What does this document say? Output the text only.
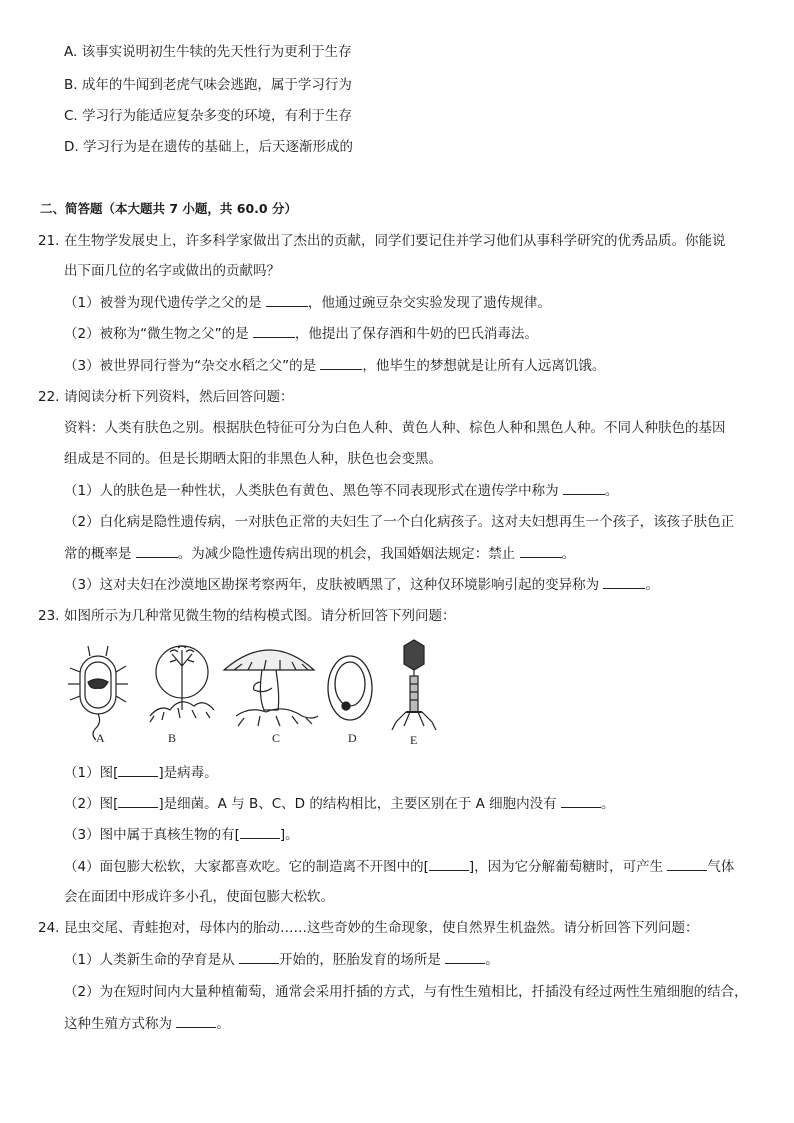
A. 该事实说明初生牛犊的先天性行为更利于生存
B. 成年的牛闻到老虎气味会逃跑，属于学习行为
C. 学习行为能适应复杂多变的环境，有利于生存
D. 学习行为是在遗传的基础上，后天逐渐形成的
二、简答题（本大题共 7 小题，共 60.0 分）
21. 在生物学发展史上，许多科学家做出了杰出的贡献，同学们要记住并学习他们从事科学研究的优秀品质。你能说
出下面几位的名字或做出的贡献吗？
（1）被誉为现代遗传学之父的是	，他通过豌豆杂交实验发现了遗传规律。
（2）被称为“微生物之父”的是	，他提出了保存酒和牛奶的巴氏消毒法。
（3）被世界同行誉为“杂交水稻之父”的是	，他毕生的梦想就是让所有人远离饥饿。
22. 请阅读分析下列资料，然后回答问题：
资料：人类有肤色之别。根据肤色特征可分为白色人种、黄色人种、棕色人种和黑色人种。不同人种肤色的基因
组成是不同的。但是长期晒太阳的非黑色人种，肤色也会变黑。
（1）人的肤色是一种性状，人类肤色有黄色、黑色等不同表现形式在遗传学中称为	。
（2）白化病是隐性遗传病，一对肤色正常的夫妇生了一个白化病孩子。这对夫妇想再生一个孩子，该孩子肤色正
常的概率是	。为减少隐性遗传病出现的机会，我国婚姻法规定：禁止	。
（3）这对夫妇在沙漠地区勘探考察两年，皮肤被晒黑了，这种仅环境影响引起的变异称为	。
23. 如图所示为几种常见微生物的结构模式图。请分析回答下列问题：
A	B	C	D	E
（1）图[	]是病毒。
（2）图[	]是细菌。A 与 B、C、D 的结构相比，主要区别在于 A 细胞内没有	。
（3）图中属于真核生物的有[	]。
（4）面包膨大松软，大家都喜欢吃。它的制造离不开图中的[	]，因为它分解葡萄糖时，可产生	气体
会在面团中形成许多小孔，使面包膨大松软。
24. 昆虫交尾、青蛙抱对，母体内的胎动……这些奇妙的生命现象，使自然界生机盎然。请分析回答下列问题：
（1）人类新生命的孕育是从	开始的，胚胎发育的场所是	。
（2）为在短时间内大量种植葡萄，通常会采用扦插的方式，与有性生殖相比，扦插没有经过两性生殖细胞的结合，
这种生殖方式称为	。
